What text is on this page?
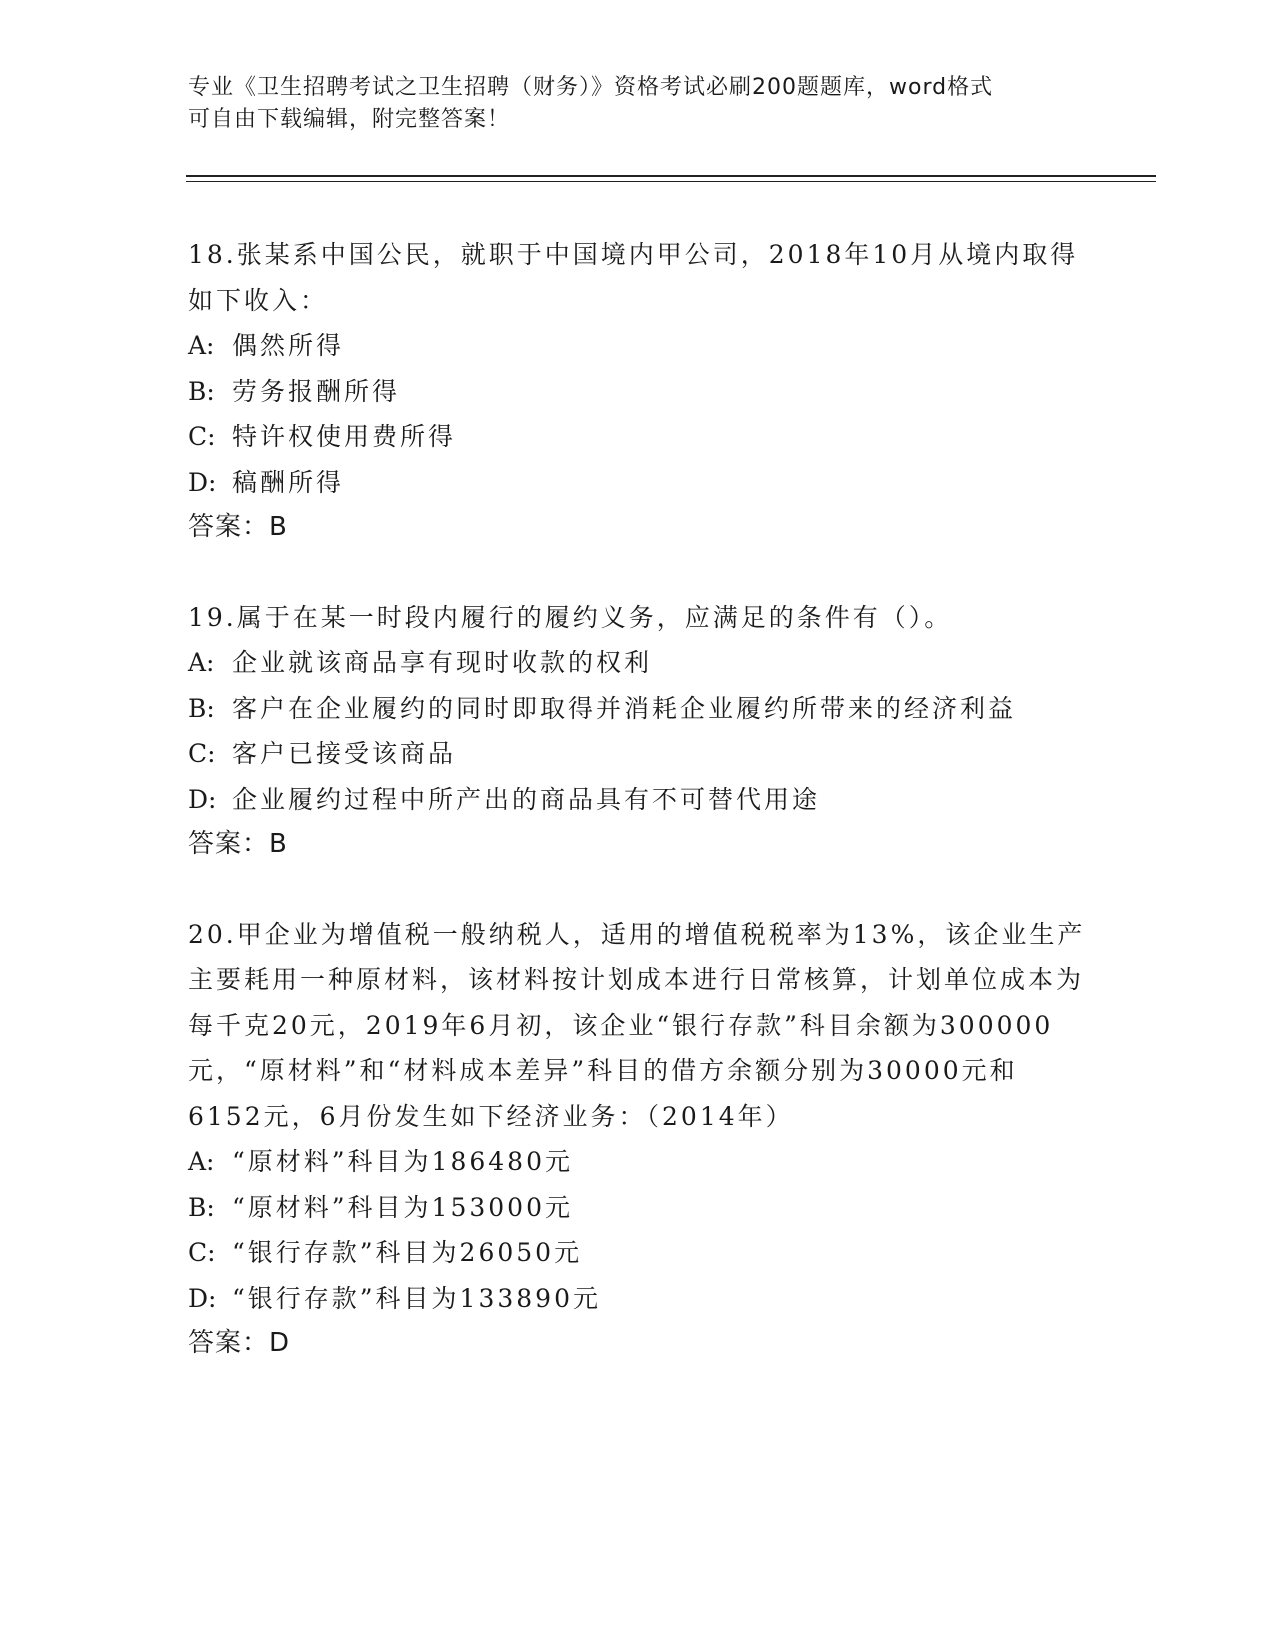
专业《卫生招聘考试之卫生招聘（财务）》资格考试必刷200题题库，word格式
可自由下载编辑，附完整答案！
18.张某系中国公民，就职于中国境内甲公司，2018年10月从境内取得如下收入：
A: 偶然所得
B: 劳务报酬所得
C: 特许权使用费所得
D: 稿酬所得
答案：B
19.属于在某一时段内履行的履约义务，应满足的条件有（）。
A: 企业就该商品享有现时收款的权利
B: 客户在企业履约的同时即取得并消耗企业履约所带来的经济利益
C: 客户已接受该商品
D: 企业履约过程中所产出的商品具有不可替代用途
答案：B
20.甲企业为增值税一般纳税人，适用的增值税税率为13%，该企业生产主要耗用一种原材料，该材料按计划成本进行日常核算，计划单位成本为每千克20元，2019年6月初，该企业“银行存款”科目余额为300000元，“原材料”和“材料成本差异”科目的借方余额分别为30000元和6152元，6月份发生如下经济业务：（2014年）
A: “原材料”科目为186480元
B: “原材料”科目为153000元
C: “银行存款”科目为26050元
D: “银行存款”科目为133890元
答案：D
